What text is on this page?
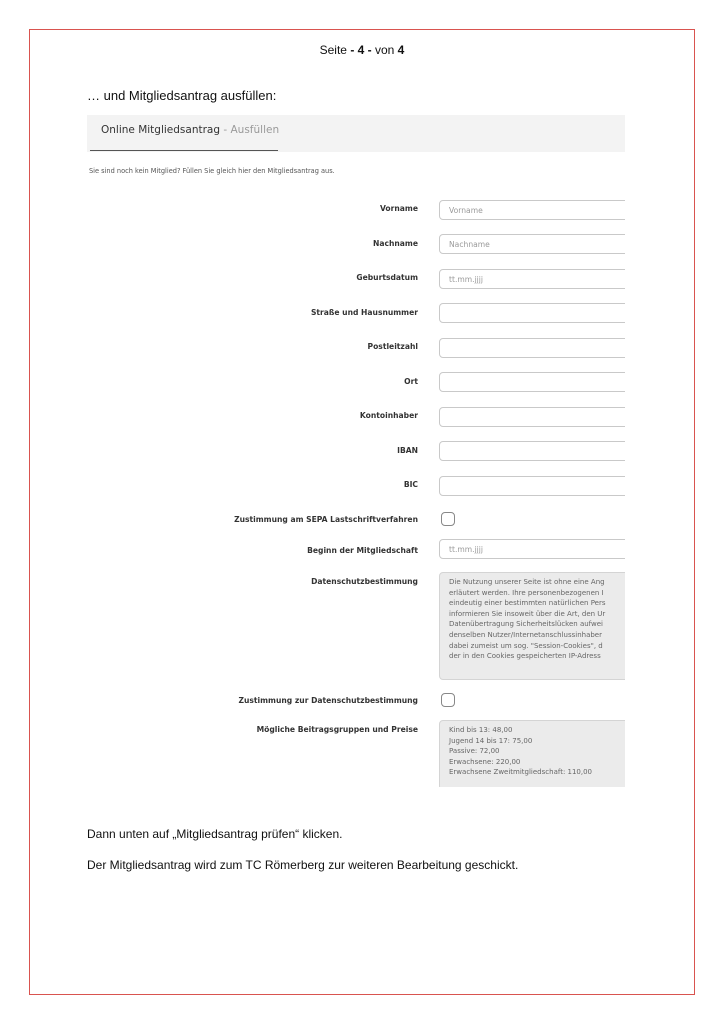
Seite - 4 - von 4
… und Mitgliedsantrag ausfüllen:
Online Mitgliedsantrag - Ausfüllen
Sie sind noch kein Mitglied? Füllen Sie gleich hier den Mitgliedsantrag aus.
Vorname
Vorname
Nachname
Nachname
Geburtsdatum
tt.mm.jjjj
Straße und Hausnummer
Postleitzahl
Ort
Kontoinhaber
IBAN
BIC
Zustimmung am SEPA Lastschriftverfahren
Beginn der Mitgliedschaft
tt.mm.jjjj
Datenschutzbestimmung	Die Nutzung unserer Seite ist ohne eine Ang
erläutert werden. Ihre personenbezogenen I
eindeutig einer bestimmten natürlichen Pers
informieren Sie insoweit über die Art, den Ur
Datenübertragung Sicherheitslücken aufwei
denselben Nutzer/Internetanschlussinhaber
dabei zumeist um sog. "Session-Cookies", d
der in den Cookies gespeicherten IP-Adress
Zustimmung zur Datenschutzbestimmung
Mögliche Beitragsgruppen und Preise	Kind bis 13: 48,00
Jugend 14 bis 17: 75,00
Passive: 72,00
Erwachsene: 220,00
Erwachsene Zweitmitgliedschaft: 110,00
Dann unten auf „Mitgliedsantrag prüfen“ klicken.
Der Mitgliedsantrag wird zum TC Römerberg zur weiteren Bearbeitung geschickt.
